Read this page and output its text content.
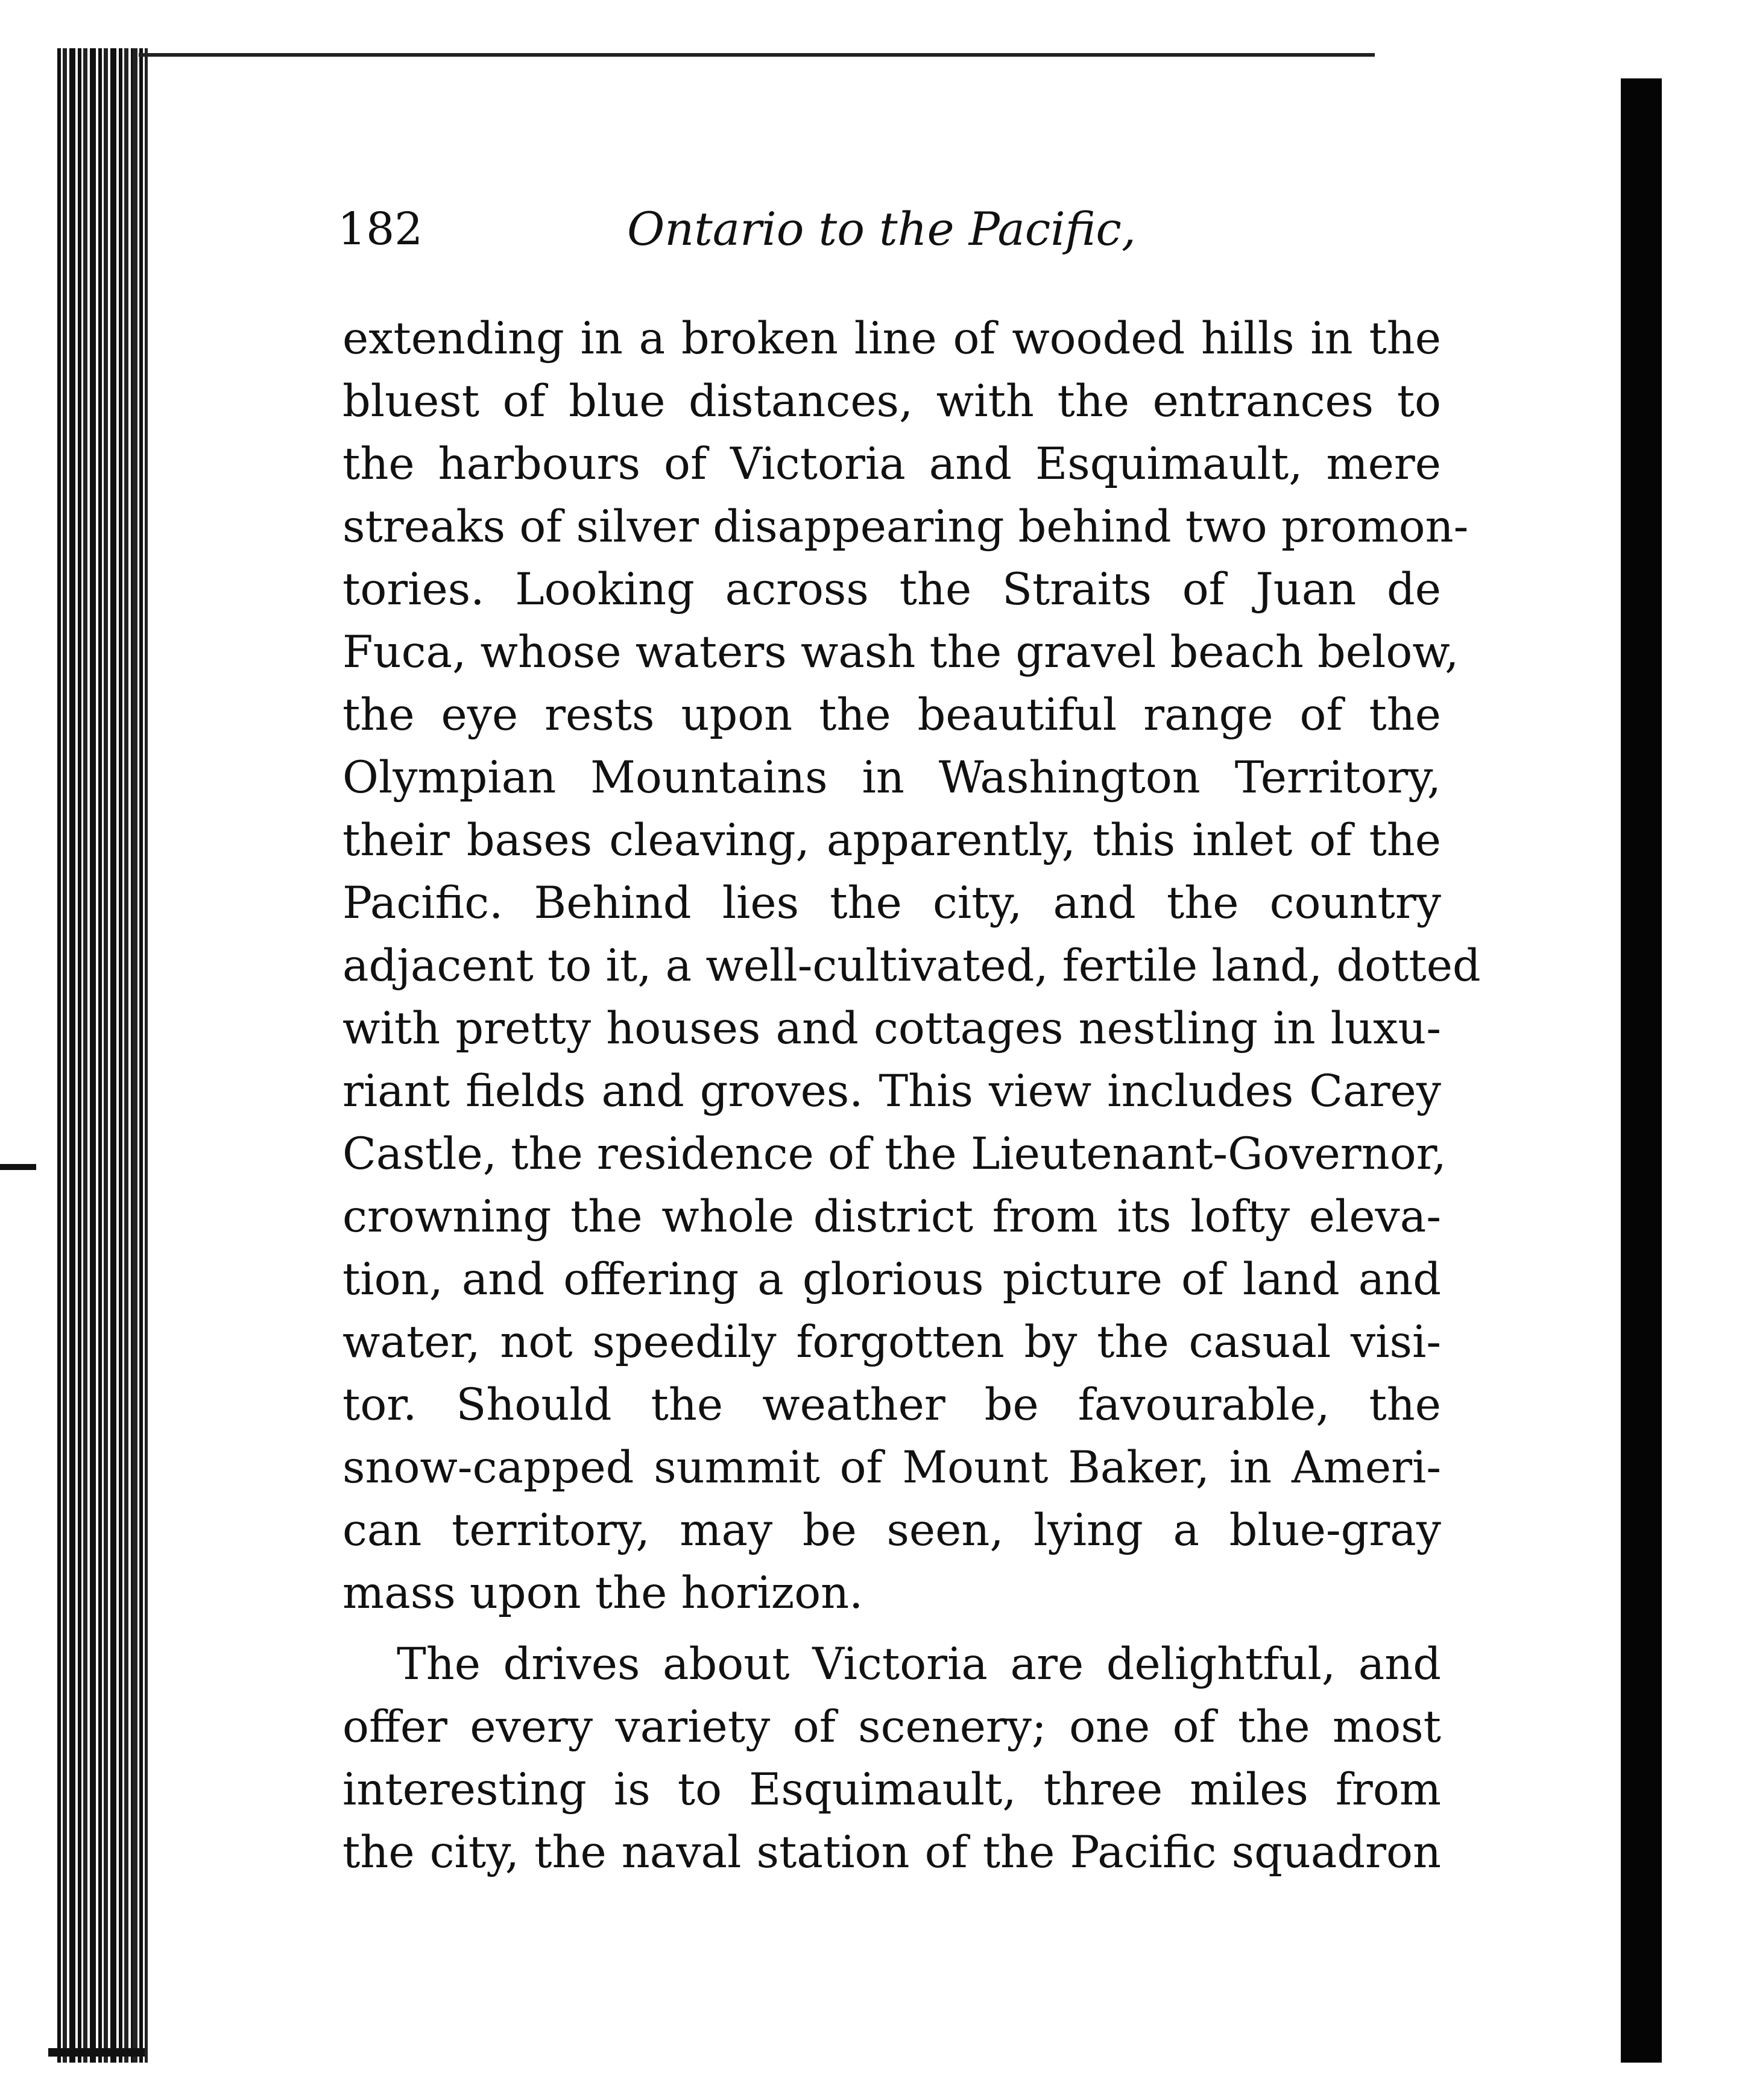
182	Ontario to the Pacific,
extending in a broken line of wooded hills in the
bluest of blue distances, with the entrances to
the harbours of Victoria and Esquimault, mere
streaks of silver disappearing behind two promon-
tories. Looking across the Straits of Juan de
Fuca, whose waters wash the gravel beach below,
the eye rests upon the beautiful range of the
Olympian Mountains in Washington Territory,
their bases cleaving, apparently, this inlet of the
Pacific. Behind lies the city, and the country
adjacent to it, a well-cultivated, fertile land, dotted
with pretty houses and cottages nestling in luxu-
riant fields and groves. This view includes Carey
Castle, the residence of the Lieutenant-Governor,
crowning the whole district from its lofty eleva-
tion, and offering a glorious picture of land and
water, not speedily forgotten by the casual visi-
tor. Should the weather be favourable, the
snow-capped summit of Mount Baker, in Ameri-
can territory, may be seen, lying a blue-gray
mass upon the horizon.
The drives about Victoria are delightful, and
offer every variety of scenery; one of the most
interesting is to Esquimault, three miles from
the city, the naval station of the Pacific squadron
